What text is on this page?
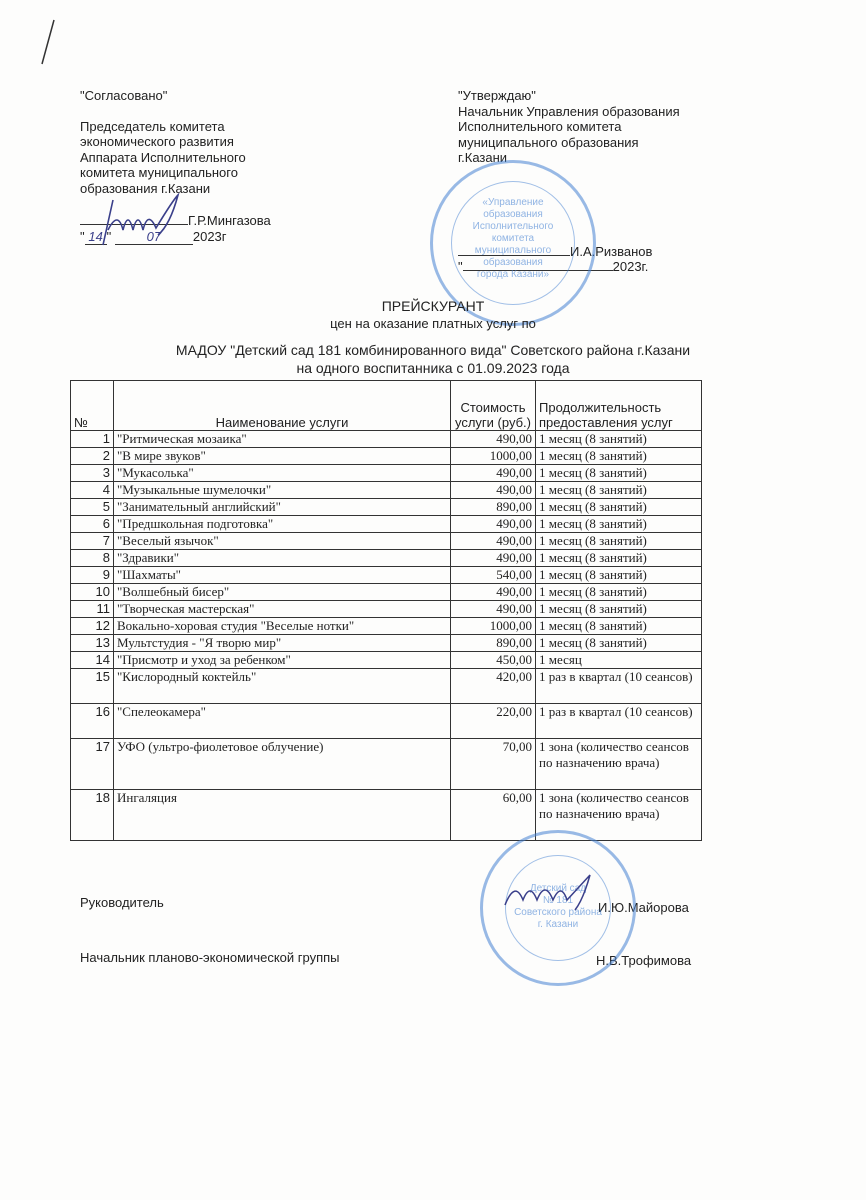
"Согласовано"
Председатель комитета
экономического развития
Аппарата Исполнительного
комитета муниципального
образования г.Казани
Г.Р.Мингазова
" 14 " 07 2023г
"Утверждаю"
Начальник Управления образования
Исполнительного комитета
муниципального образования
г.Казани
И.А.Ризванов
"	2023г.
«Управление
образования
Исполнительного
комитета
муниципального
образования
города Казани»
ПРЕЙСКУРАНТ
цен на оказание платных услуг по
МАДОУ "Детский сад 181 комбинированного вида" Советского района г.Казани
на одного воспитанника с 01.09.2023 года
№	Наименование услуги	Стоимость услуги (руб.)	Продолжительность предоставления услуг
1	"Ритмическая мозаика"	490,00	1 месяц (8 занятий)
2	"В мире звуков"	1000,00	1 месяц (8 занятий)
3	"Мукасолька"	490,00	1 месяц (8 занятий)
4	"Музыкальные шумелочки"	490,00	1 месяц (8 занятий)
5	"Занимательный английский"	890,00	1 месяц (8 занятий)
6	"Предшкольная подготовка"	490,00	1 месяц (8 занятий)
7	"Веселый язычок"	490,00	1 месяц (8 занятий)
8	"Здравики"	490,00	1 месяц (8 занятий)
9	"Шахматы"	540,00	1 месяц (8 занятий)
10	"Волшебный бисер"	490,00	1 месяц (8 занятий)
11	"Творческая мастерская"	490,00	1 месяц (8 занятий)
12	Вокально-хоровая студия "Веселые нотки"	1000,00	1 месяц (8 занятий)
13	Мультстудия - "Я творю мир"	890,00	1 месяц (8 занятий)
14	"Присмотр и уход за ребенком"	450,00	1 месяц
15	"Кислородный коктейль"	420,00	1 раз в квартал (10 сеансов)
16	"Спелеокамера"	220,00	1 раз в квартал (10 сеансов)
17	УФО (ультро-фиолетовое облучение)	70,00	1 зона (количество сеансов по назначению врача)
18	Ингаляция	60,00	1 зона (количество сеансов по назначению врача)
Руководитель	И.Ю.Майорова
Начальник планово-экономической группы	Н.В.Трофимова
Детский сад
№ 181
Советского района
г. Казани
